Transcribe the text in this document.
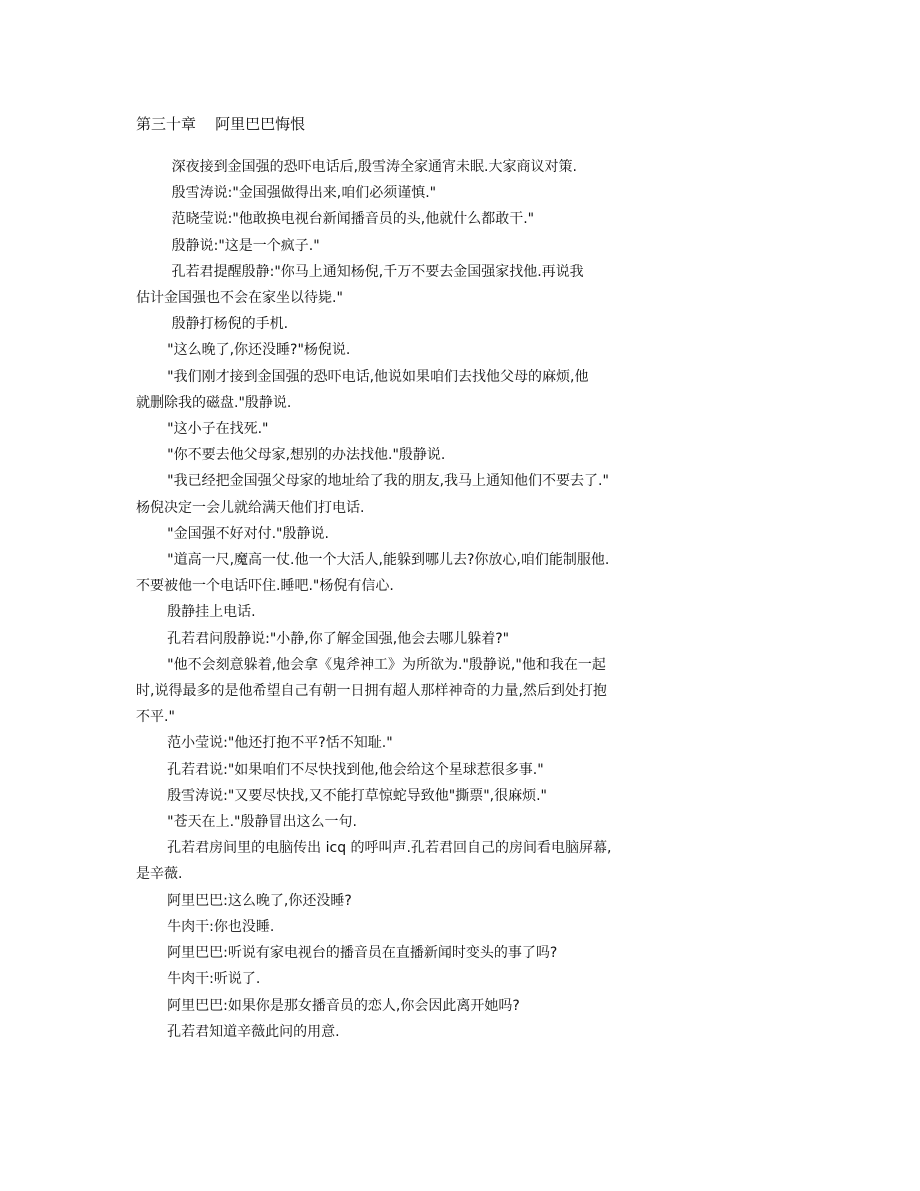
第三十章    阿里巴巴悔恨

深夜接到金国强的恐吓电话后,殷雪涛全家通宵未眠.大家商议对策.

殷雪涛说:"金国强做得出来,咱们必须谨慎."

范晓莹说:"他敢换电视台新闻播音员的头,他就什么都敢干."

殷静说:"这是一个疯子."

孔若君提醒殷静:"你马上通知杨倪,千万不要去金国强家找他.再说我

估计金国强也不会在家坐以待毙."

殷静打杨倪的手机.

"这么晚了,你还没睡?"杨倪说.

"我们刚才接到金国强的恐吓电话,他说如果咱们去找他父母的麻烦,他

就删除我的磁盘."殷静说.

"这小子在找死."

"你不要去他父母家,想别的办法找他."殷静说.

"我已经把金国强父母家的地址给了我的朋友,我马上通知他们不要去了."

杨倪决定一会儿就给满天他们打电话.

"金国强不好对付."殷静说.

"道高一尺,魔高一仗.他一个大活人,能躲到哪儿去?你放心,咱们能制服他.

不要被他一个电话吓住.睡吧."杨倪有信心.

殷静挂上电话.

孔若君问殷静说:"小静,你了解金国强,他会去哪儿躲着?"

"他不会刻意躲着,他会拿《鬼斧神工》为所欲为."殷静说,"他和我在一起

时,说得最多的是他希望自己有朝一日拥有超人那样神奇的力量,然后到处打抱

不平."

范小莹说:"他还打抱不平?恬不知耻."

孔若君说:"如果咱们不尽快找到他,他会给这个星球惹很多事."

殷雪涛说:"又要尽快找,又不能打草惊蛇导致他"撕票",很麻烦."

"苍天在上."殷静冒出这么一句.

孔若君房间里的电脑传出 icq 的呼叫声.孔若君回自己的房间看电脑屏幕,

是辛薇.

阿里巴巴:这么晚了,你还没睡?

牛肉干:你也没睡.

阿里巴巴:听说有家电视台的播音员在直播新闻时变头的事了吗?

牛肉干:听说了.

阿里巴巴:如果你是那女播音员的恋人,你会因此离开她吗?

孔若君知道辛薇此问的用意.
